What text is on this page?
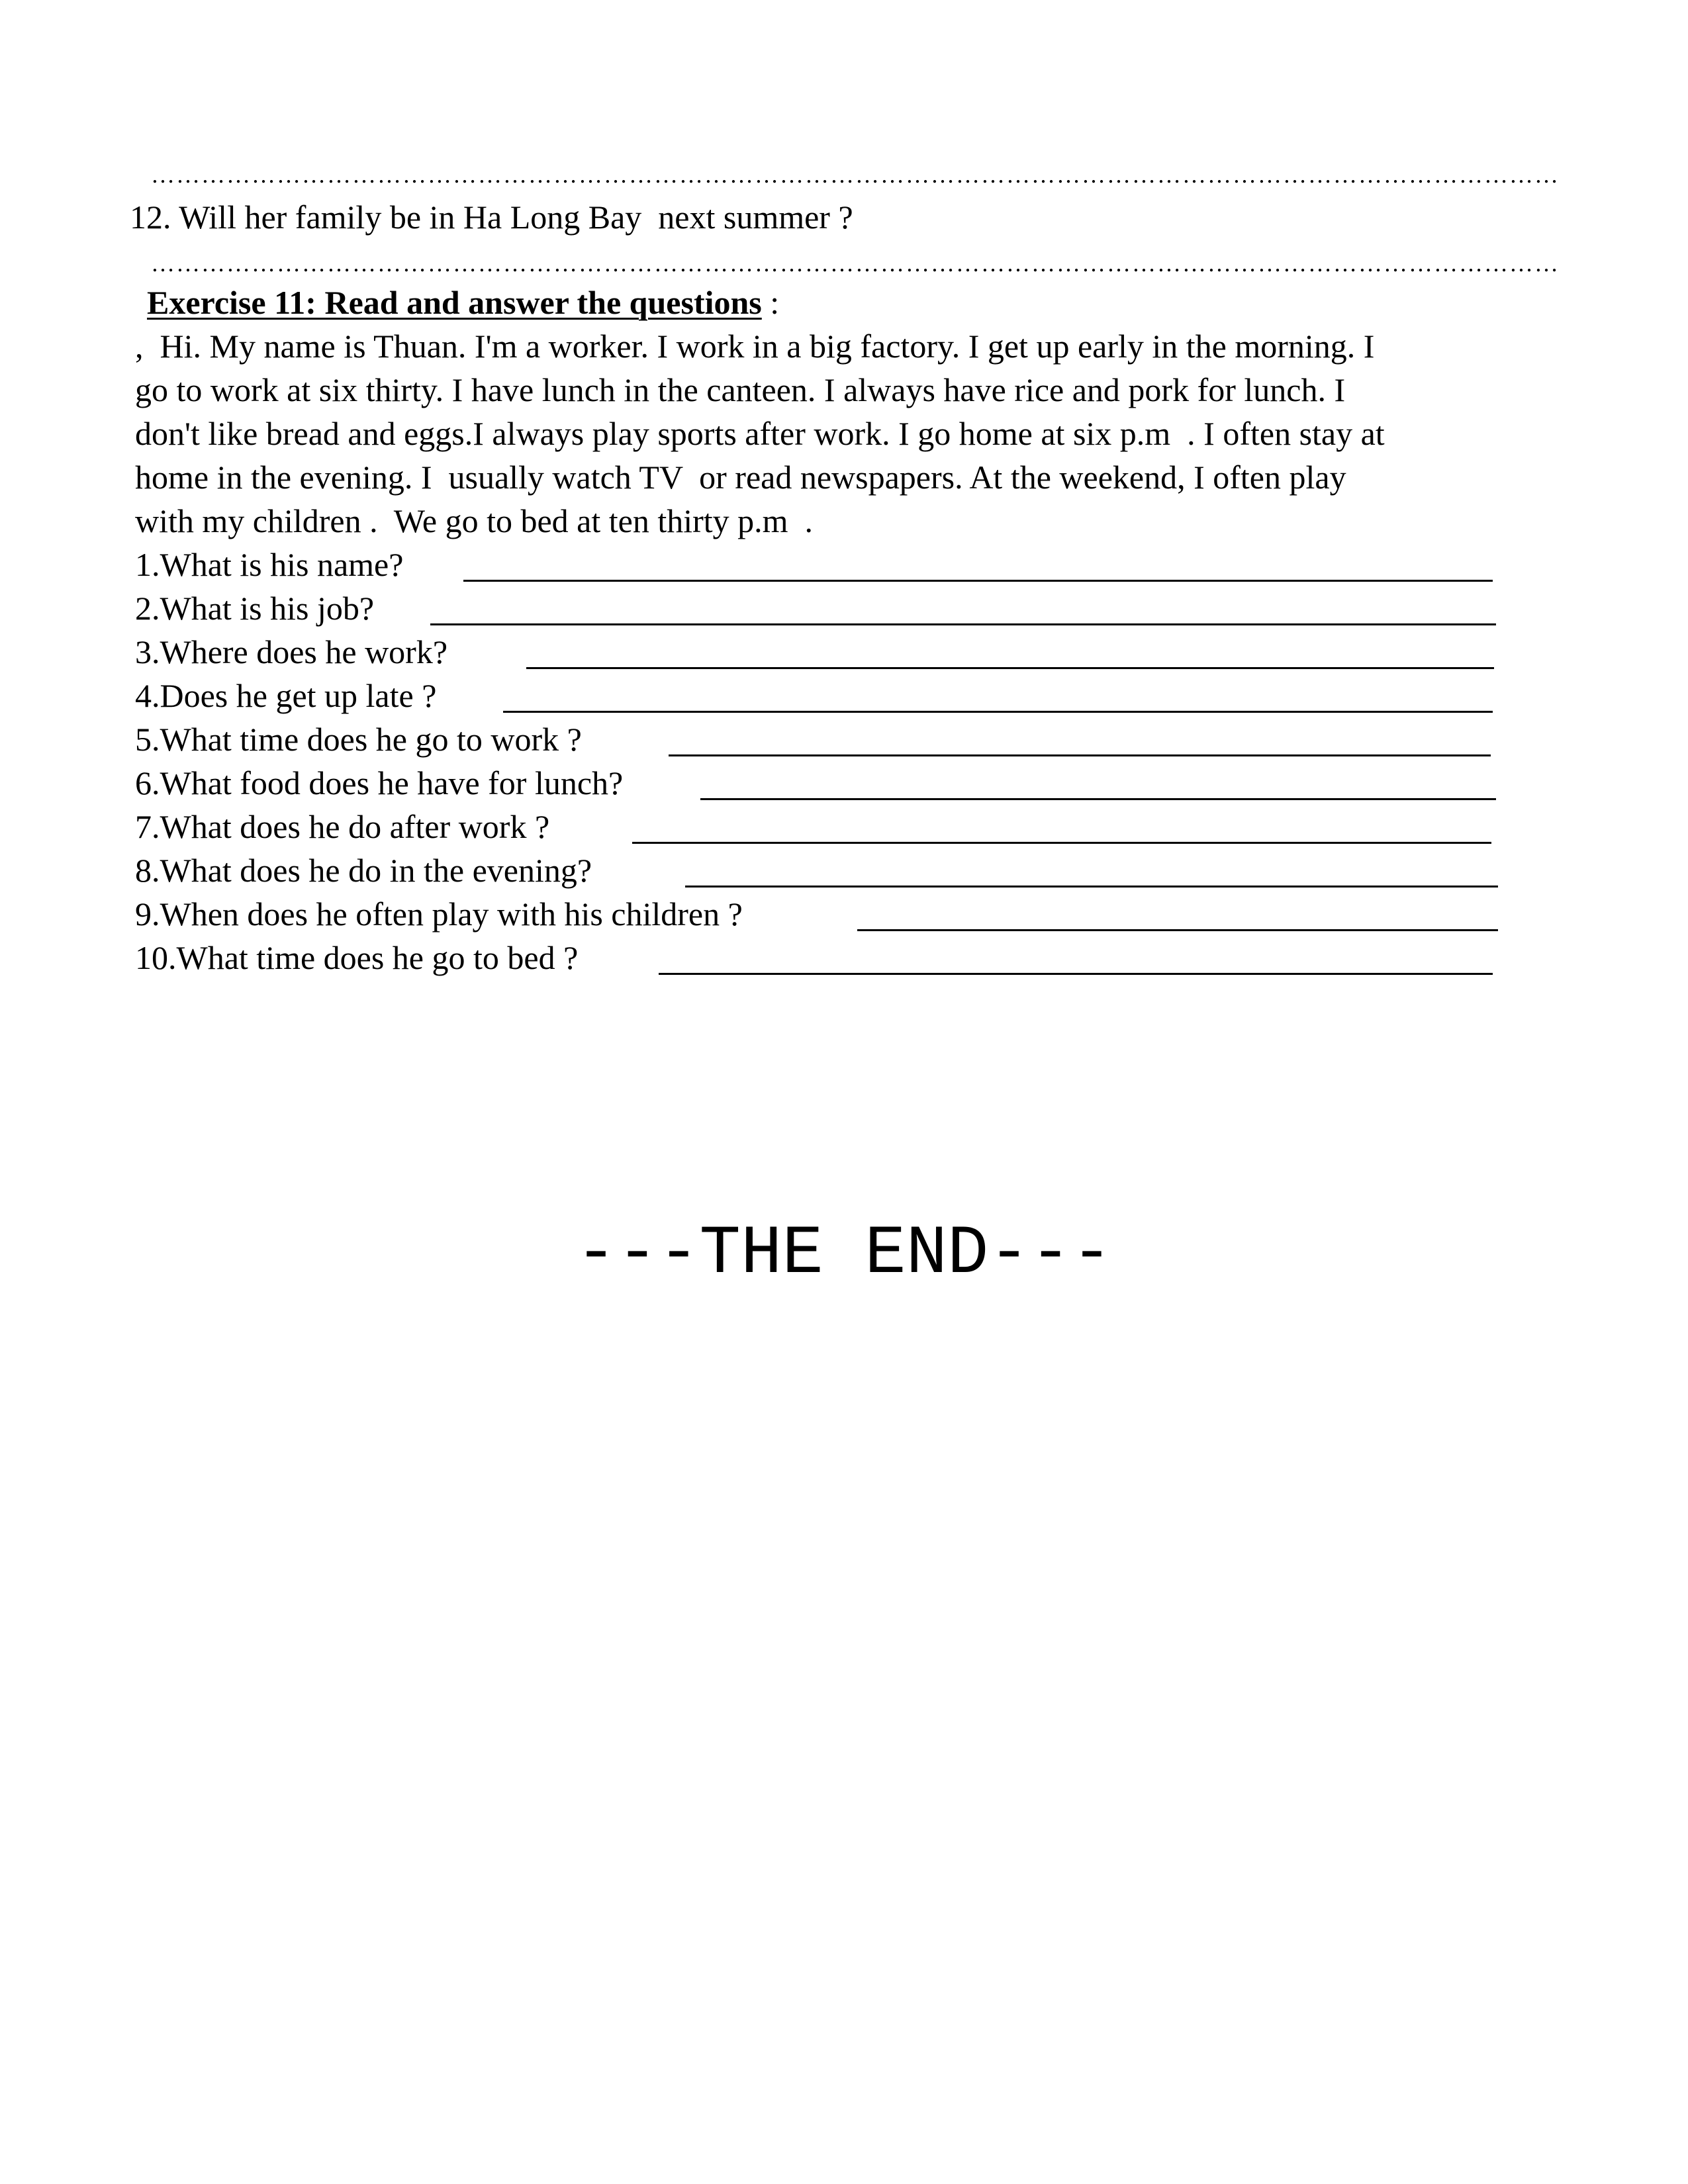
……………………………………………………………………………………………………………………………………………………
12. Will her family be in Ha Long Bay  next summer ?
……………………………………………………………………………………………………………………………………………………
Exercise 11: Read and answer the questions :
,  Hi. My name is Thuan. I'm a worker. I work in a big factory. I get up early in the morning. I
go to work at six thirty. I have lunch in the canteen. I always have rice and pork for lunch. I
don't like bread and eggs.I always play sports after work. I go home at six p.m  . I often stay at
home in the evening. I  usually watch TV  or read newspapers. At the weekend, I often play
with my children .  We go to bed at ten thirty p.m  .
1.What is his name?
2.What is his job?
3.Where does he work?
4.Does he get up late ?
5.What time does he go to work ?
6.What food does he have for lunch?
7.What does he do after work ?
8.What does he do in the evening?
9.When does he often play with his children ?
10.What time does he go to bed ?
---THE END---
